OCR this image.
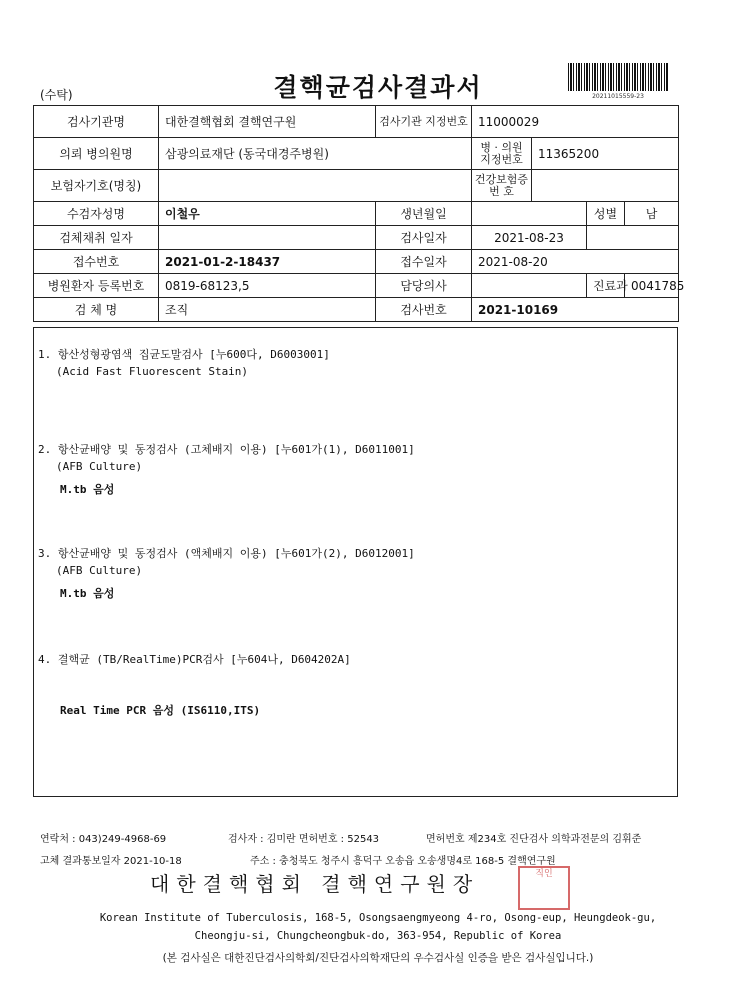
(수탁)	결핵균검사결과서	20211015559-23
검사기관명	대한결핵협회 결핵연구원	검사기관 지정번호	11000029			
의뢰 병의원명	삼광의료재단 (동국대경주병원)		병 · 의원 지정번호	11365200		
보험자기호(명칭)			건강보험증 번 호			
수검자성명	이철우	생년월일			성별	남
검체채취 일자		검사일자	2021-08-23			
접수번호	2021-01-2-18437	접수일자	2021-08-20			
병원환자 등록번호	0819-68123,5	담당의사			진료과	0041785
검 체 명	조직	검사번호	2021-10169			
1. 항산성형광염색 집균도말검사 [누600다, D6003001]
(Acid Fast Fluorescent Stain)
2. 항산균배양 및 동정검사 (고체배지 이용) [누601가(1), D6011001]
(AFB Culture)
M.tb 음성
3. 항산균배양 및 동정검사 (액체배지 이용) [누601가(2), D6012001]
(AFB Culture)
M.tb 음성
4. 결핵균 (TB/RealTime)PCR검사 [누604나, D604202A]
Real Time PCR 음성 (IS6110,ITS)
연락처 : 043)249-4968-69	검사자 : 김미란 면허번호 : 52543	면허번호 제234호 진단검사 의학과전문의 김휘준
고체 결과통보일자 2021-10-18	주소 : 충청북도 청주시 흥덕구 오송읍 오송생명4로 168-5 결핵연구원
대한결핵협회 결핵연구원장	직인
Korean Institute of Tuberculosis, 168-5, Osongsaengmyeong 4-ro, Osong-eup, Heungdeok-gu,
Cheongju-si, Chungcheongbuk-do, 363-954, Republic of Korea
(본 검사실은 대한진단검사의학회/진단검사의학재단의 우수검사실 인증을 받은 검사실입니다.)
